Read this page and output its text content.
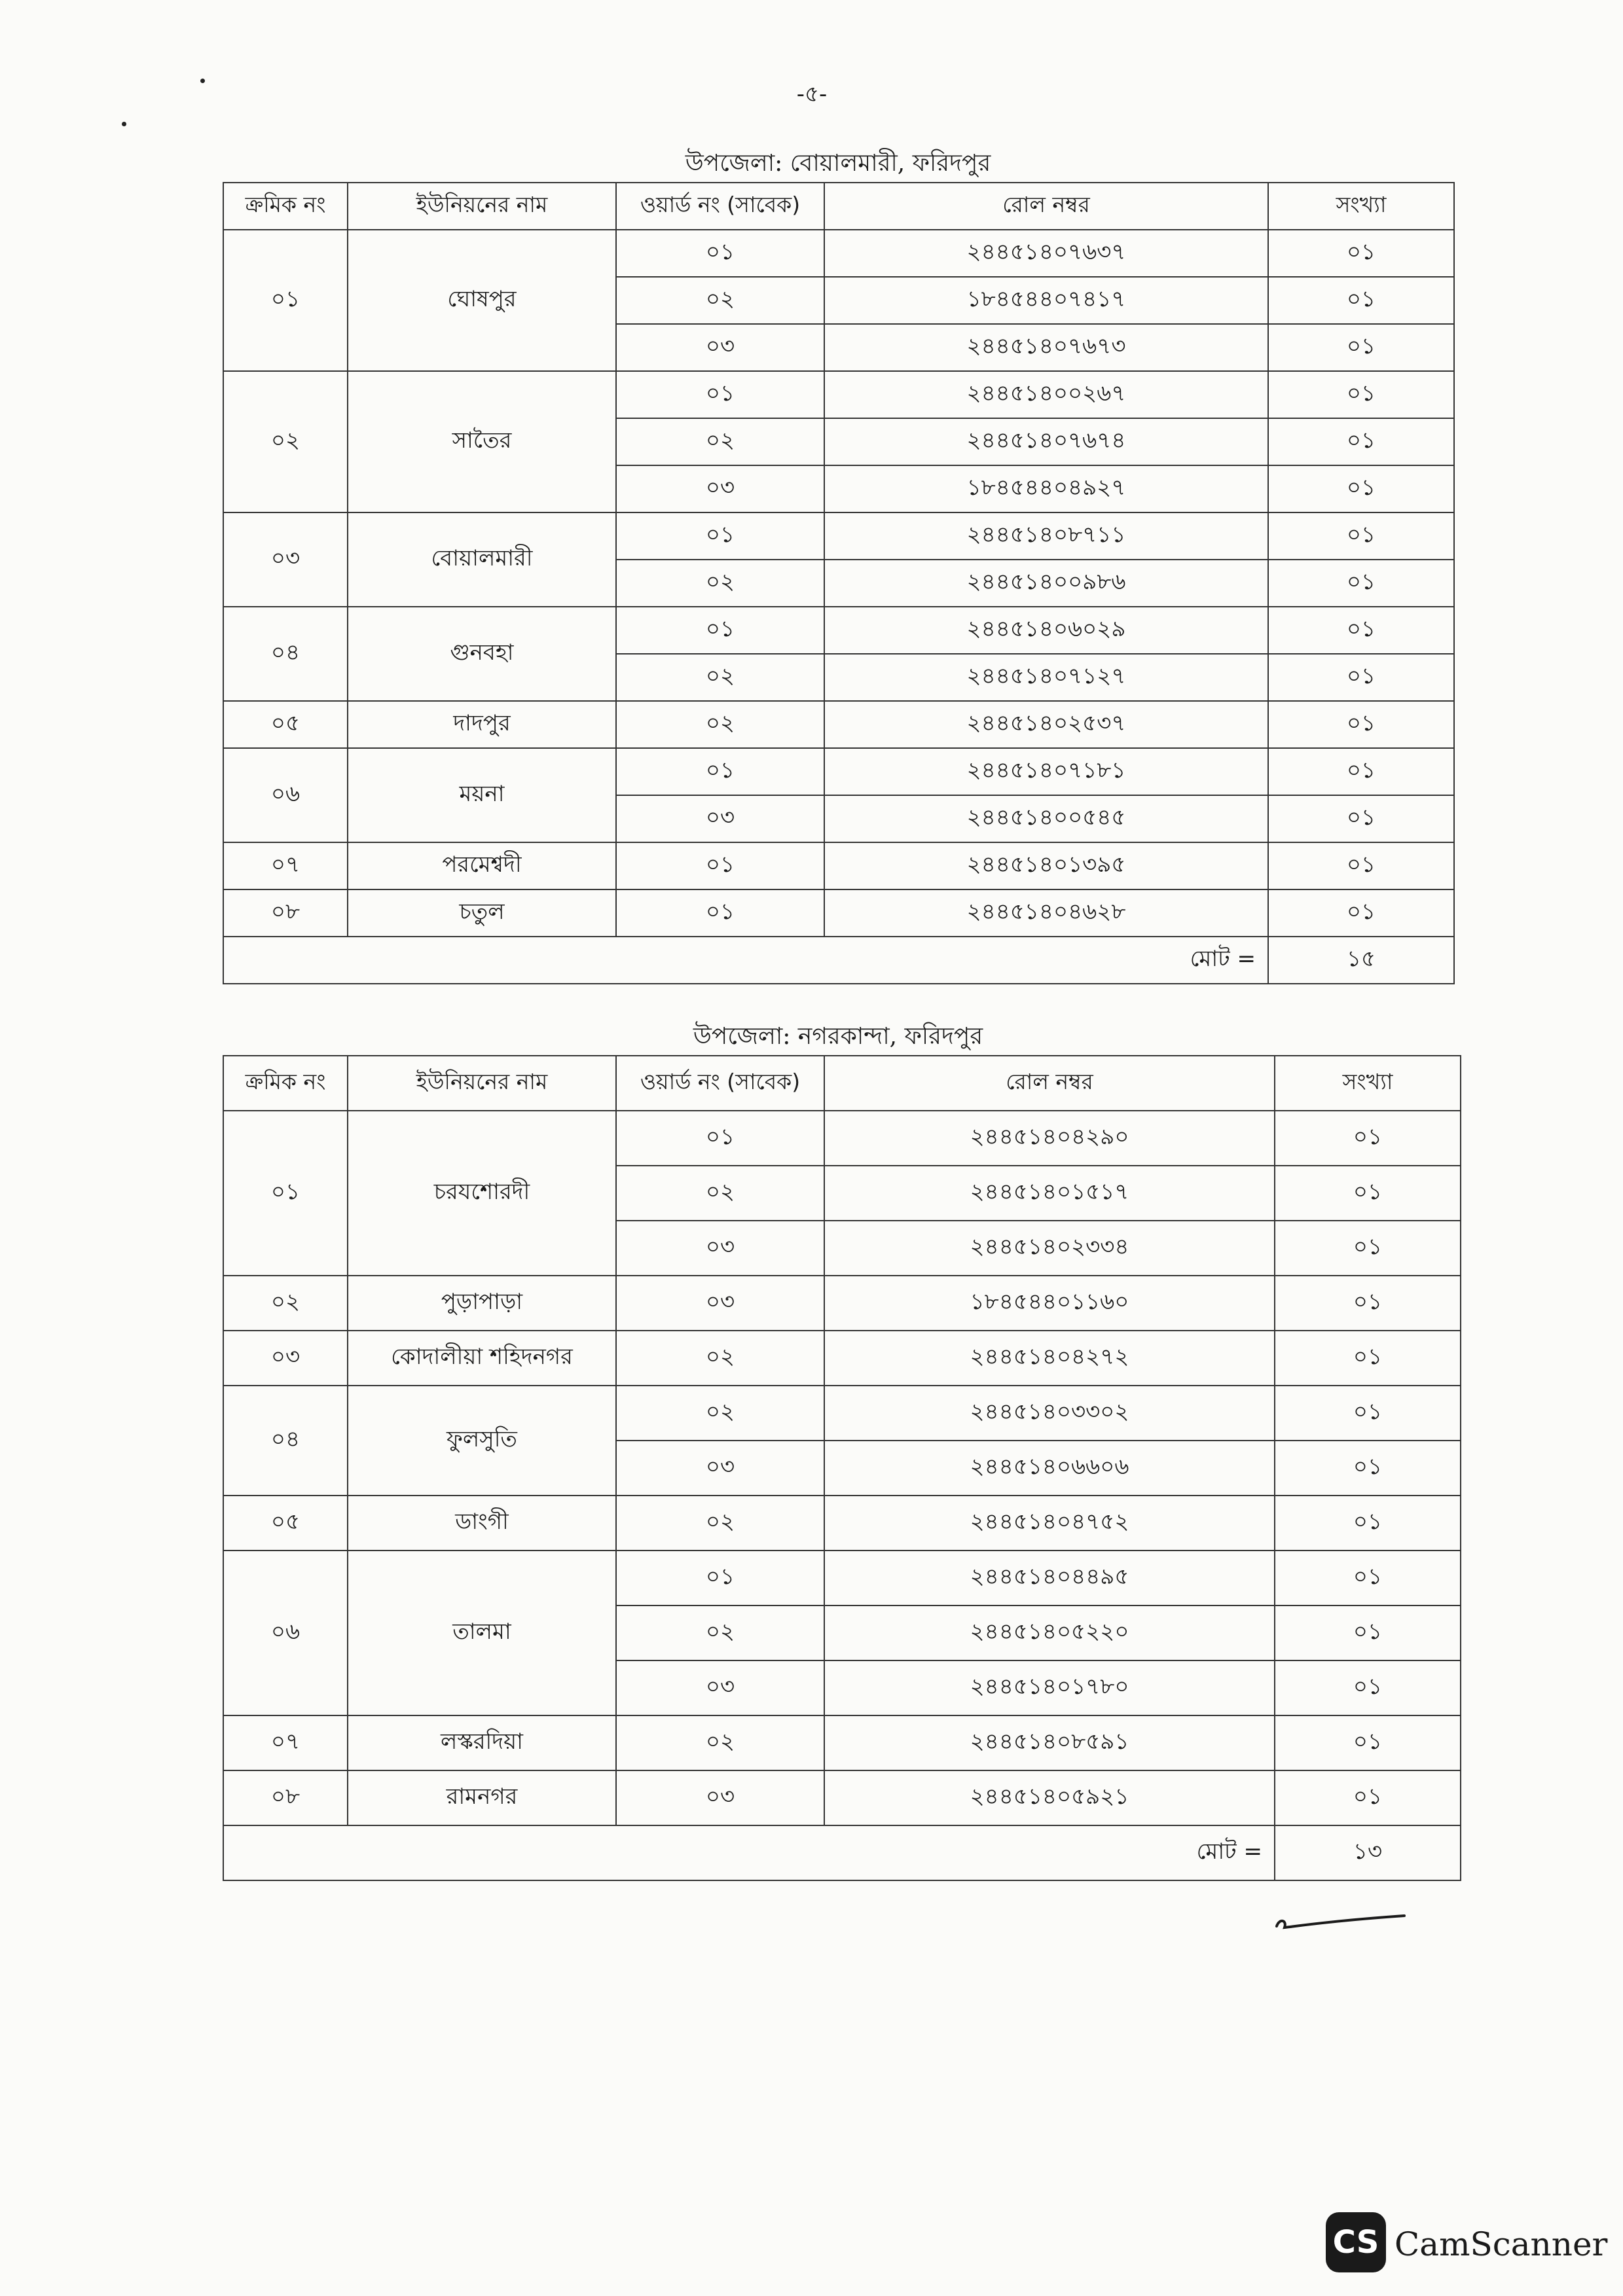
-৫-
উপজেলা: বোয়ালমারী, ফরিদপুর
ক্রমিক নং	ইউনিয়নের নাম	ওয়ার্ড নং (সাবেক)	রোল নম্বর	সংখ্যা
০১	ঘোষপুর	০১	২৪৪৫১৪০৭৬৩৭	০১
		০২	১৮৪৫৪৪০৭৪১৭	০১
		০৩	২৪৪৫১৪০৭৬৭৩	০১
০২	সাতৈর	০১	২৪৪৫১৪০০২৬৭	০১
		০২	২৪৪৫১৪০৭৬৭৪	০১
		০৩	১৮৪৫৪৪০৪৯২৭	০১
০৩	বোয়ালমারী	০১	২৪৪৫১৪০৮৭১১	০১
		০২	২৪৪৫১৪০০৯৮৬	০১
০৪	গুনবহা	০১	২৪৪৫১৪০৬০২৯	০১
		০২	২৪৪৫১৪০৭১২৭	০১
০৫	দাদপুর	০২	২৪৪৫১৪০২৫৩৭	০১
০৬	ময়না	০১	২৪৪৫১৪০৭১৮১	০১
		০৩	২৪৪৫১৪০০৫৪৫	০১
০৭	পরমেশ্বদী	০১	২৪৪৫১৪০১৩৯৫	০১
০৮	চতুল	০১	২৪৪৫১৪০৪৬২৮	০১
মোট =				১৫
উপজেলা: নগরকান্দা, ফরিদপুর
ক্রমিক নং	ইউনিয়নের নাম	ওয়ার্ড নং (সাবেক)	রোল নম্বর	সংখ্যা
০১	চরযশোরদী	০১	২৪৪৫১৪০৪২৯০	০১
		০২	২৪৪৫১৪০১৫১৭	০১
		০৩	২৪৪৫১৪০২৩৩৪	০১
০২	পুড়াপাড়া	০৩	১৮৪৫৪৪০১১৬০	০১
০৩	কোদালীয়া শহিদনগর	০২	২৪৪৫১৪০৪২৭২	০১
০৪	ফুলসুতি	০২	২৪৪৫১৪০৩৩০২	০১
		০৩	২৪৪৫১৪০৬৬০৬	০১
০৫	ডাংগী	০২	২৪৪৫১৪০৪৭৫২	০১
০৬	তালমা	০১	২৪৪৫১৪০৪৪৯৫	০১
		০২	২৪৪৫১৪০৫২২০	০১
		০৩	২৪৪৫১৪০১৭৮০	০১
০৭	লস্করদিয়া	০২	২৪৪৫১৪০৮৫৯১	০১
০৮	রামনগর	০৩	২৪৪৫১৪০৫৯২১	০১
মোট =				১৩
CS CamScanner
